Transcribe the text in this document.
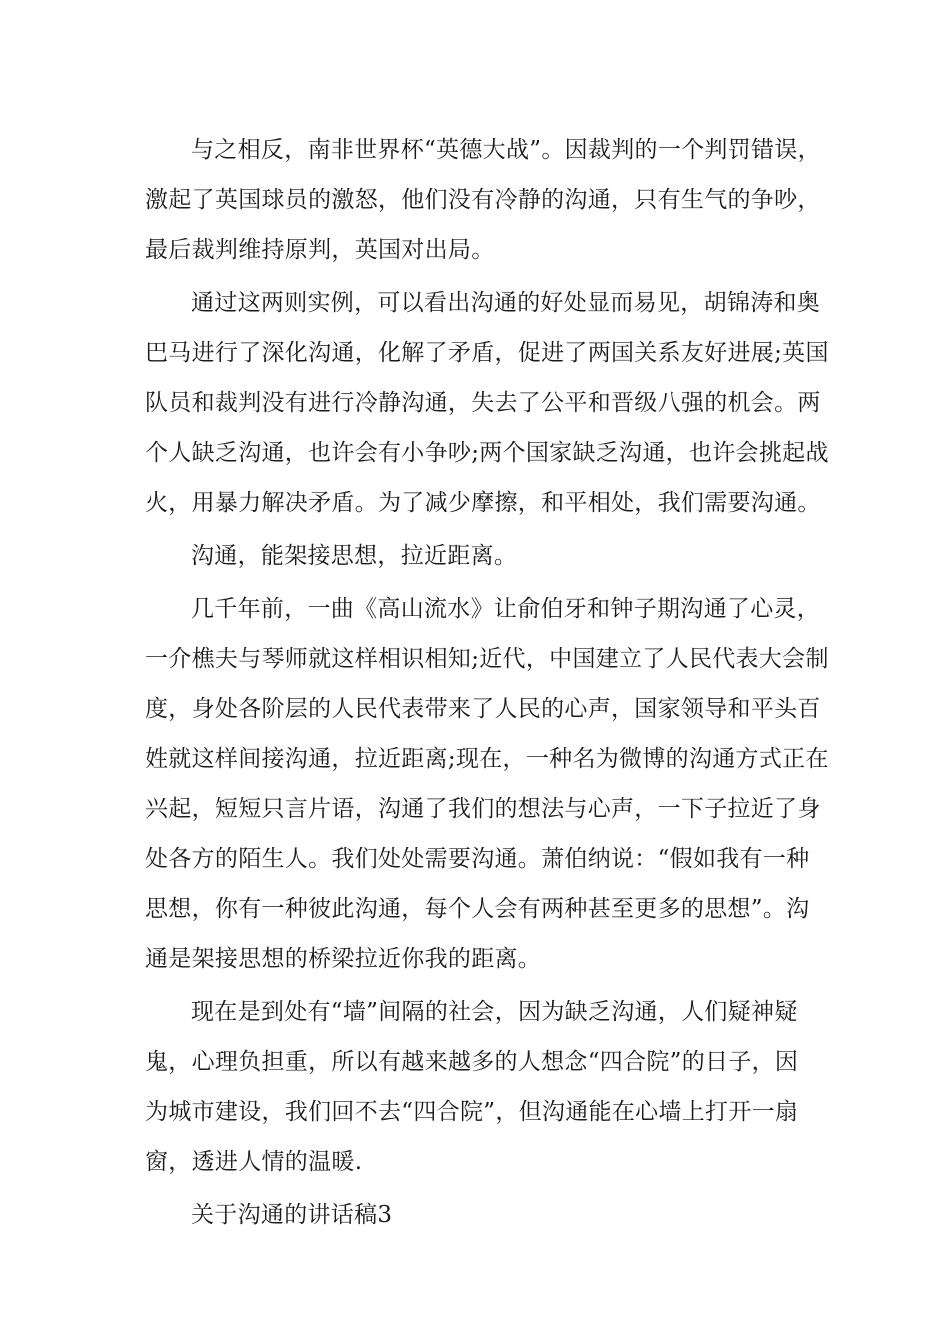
与之相反，南非世界杯“英德大战”。因裁判的一个判罚错误，
激起了英国球员的激怒，他们没有冷静的沟通，只有生气的争吵，
最后裁判维持原判，英国对出局。
通过这两则实例，可以看出沟通的好处显而易见，胡锦涛和奥
巴马进行了深化沟通，化解了矛盾，促进了两国关系友好进展;英国
队员和裁判没有进行冷静沟通，失去了公平和晋级八强的机会。两
个人缺乏沟通，也许会有小争吵;两个国家缺乏沟通，也许会挑起战
火，用暴力解决矛盾。为了减少摩擦，和平相处，我们需要沟通。
沟通，能架接思想，拉近距离。
几千年前，一曲《高山流水》让俞伯牙和钟子期沟通了心灵，
一介樵夫与琴师就这样相识相知;近代，中国建立了人民代表大会制
度，身处各阶层的人民代表带来了人民的心声，国家领导和平头百
姓就这样间接沟通，拉近距离;现在，一种名为微博的沟通方式正在
兴起，短短只言片语，沟通了我们的想法与心声，一下子拉近了身
处各方的陌生人。我们处处需要沟通。萧伯纳说：“假如我有一种
思想，你有一种彼此沟通，每个人会有两种甚至更多的思想”。沟
通是架接思想的桥梁拉近你我的距离。
现在是到处有“墙”间隔的社会，因为缺乏沟通，人们疑神疑
鬼，心理负担重，所以有越来越多的人想念“四合院”的日子，因
为城市建设，我们回不去“四合院”，但沟通能在心墙上打开一扇
窗，透进人情的温暖.
关于沟通的讲话稿3
